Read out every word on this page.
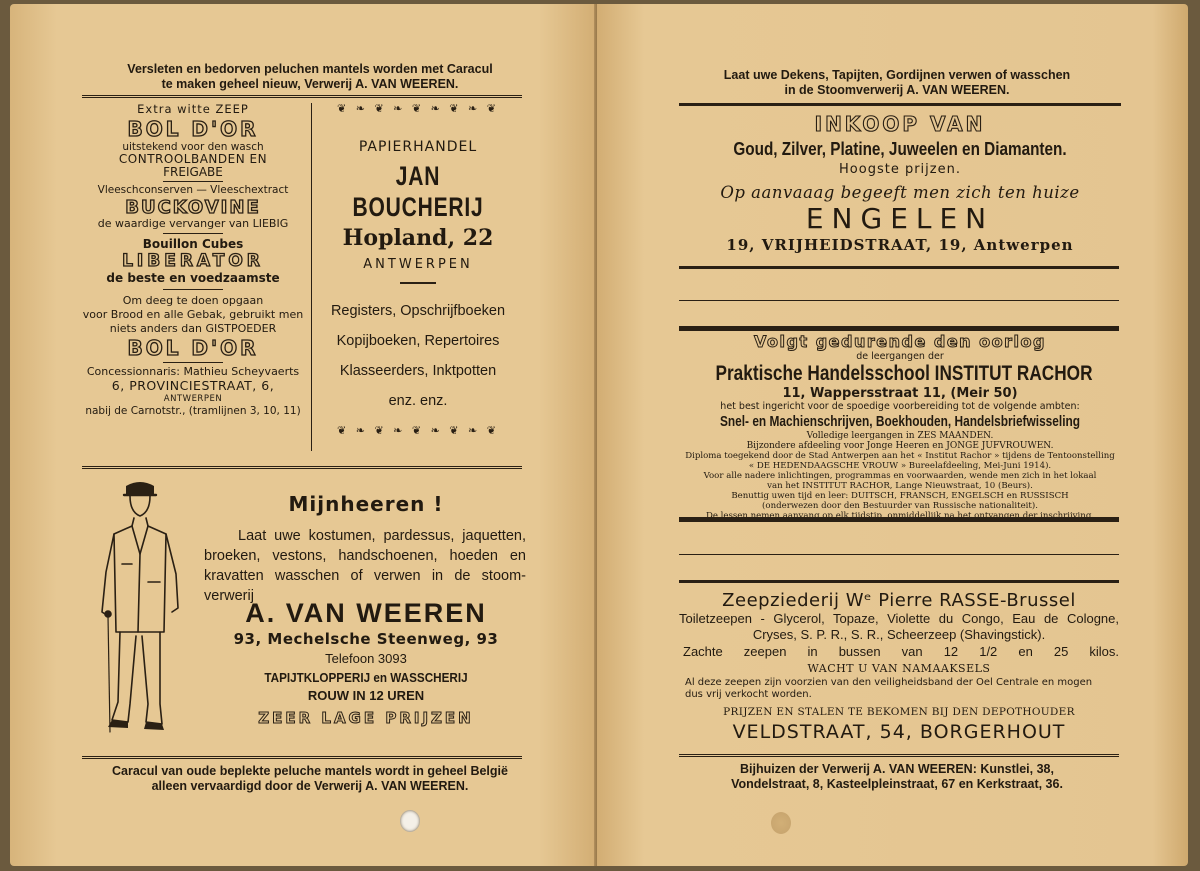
Versleten en bedorven peluchen mantels worden met Caracul
te maken geheel nieuw, Verwerij A. VAN WEEREN.
Extra witte ZEEP
BOL D'OR
uitstekend voor den wasch
CONTROOLBANDEN EN
FREIGABE
Vleeschconserven — Vleeschextract
BUCKOVINE
de waardige vervanger van LIEBIG
Bouillon Cubes
LIBERATOR
de beste en voedzaamste
Om deeg te doen opgaan
voor Brood en alle Gebak, gebruikt men
niets anders dan GISTPOEDER
BOL D'OR
Concessionnaris: Mathieu Scheyvaerts
6, PROVINCIESTRAAT, 6,
ANTWERPEN
nabij de Carnotstr., (tramlijnen 3, 10, 11)
❦ ❧ ❦ ❧ ❦ ❧ ❦ ❧ ❦
PAPIERHANDEL
JAN BOUCHERIJ
Hopland, 22
ANTWERPEN
Registers, Opschrijfboeken
Kopijboeken, Repertoires
Klasseerders, Inktpotten
enz. enz.
❦ ❧ ❦ ❧ ❦ ❧ ❦ ❧ ❦
Mijnheeren !
Laat uwe kostumen, pardessus, jaquetten,
broeken, vestons, handschoenen, hoeden en
kravatten wasschen of verwen in de stoom-
verwerij
A. VAN WEEREN
93, Mechelsche Steenweg, 93
Telefoon 3093
TAPIJTKLOPPERIJ en WASSCHERIJ
ROUW IN 12 UREN
ZEER LAGE PRIJZEN
Caracul van oude beplekte peluche mantels wordt in geheel België
alleen vervaardigd door de Verwerij A. VAN WEEREN.
Laat uwe Dekens, Tapijten, Gordijnen verwen of wasschen
in de Stoomverwerij A. VAN WEEREN.
INKOOP VAN
Goud, Zilver, Platine, Juweelen en Diamanten.
Hoogste prijzen.
Op aanvaaag begeeft men zich ten huize
ENGELEN
19, VRIJHEIDSTRAAT, 19, Antwerpen
Volgt gedurende den oorlog
de leergangen der
Praktische Handelsschool INSTITUT RACHOR
11, Wappersstraat 11, (Meir 50)
het best ingericht voor de spoedige voorbereiding tot de volgende ambten:
Snel- en Machienschrijven, Boekhouden, Handelsbriefwisseling
Volledige leergangen in ZES MAANDEN.
Bijzondere afdeeling voor Jonge Heeren en JONGE JUFVROUWEN.
Diploma toegekend door de Stad Antwerpen aan het « Institut Rachor » tijdens de Tentoonstelling
« DE HEDENDAAGSCHE VROUW » Bureelafdeeling, Mei-Juni 1914).
Voor alle nadere inlichtingen, programmas en voorwaarden, wende men zich in het lokaal
van het INSTITUT RACHOR, Lange Nieuwstraat, 10 (Beurs).
Benuttig uwen tijd en leer: DUITSCH, FRANSCH, ENGELSCH en RUSSISCH
(onderwezen door den Bestuurder van Russische nationaliteit).
De lessen nemen aanvang op elk tijdstip, onmiddellijk na het ontvangen der inschrijving.
Zeepziederij Wᵉ Pierre RASSE-Brussel
Toiletzeepen - Glycerol, Topaze, Violette du Congo, Eau de Cologne,
Cryses, S. P. R., S. R., Scheerzeep (Shavingstick).
Zachte zeepen in bussen van 12 1/2 en 25 kilos.
WACHT U VAN NAMAAKSELS
Al deze zeepen zijn voorzien van den veiligheidsband der Oel Centrale en mogen
dus vrij verkocht worden.
PRIJZEN EN STALEN TE BEKOMEN BIJ DEN DEPOTHOUDER
VELDSTRAAT, 54, BORGERHOUT
Bijhuizen der Verwerij A. VAN WEEREN: Kunstlei, 38,
Vondelstraat, 8, Kasteelpleinstraat, 67 en Kerkstraat, 36.
